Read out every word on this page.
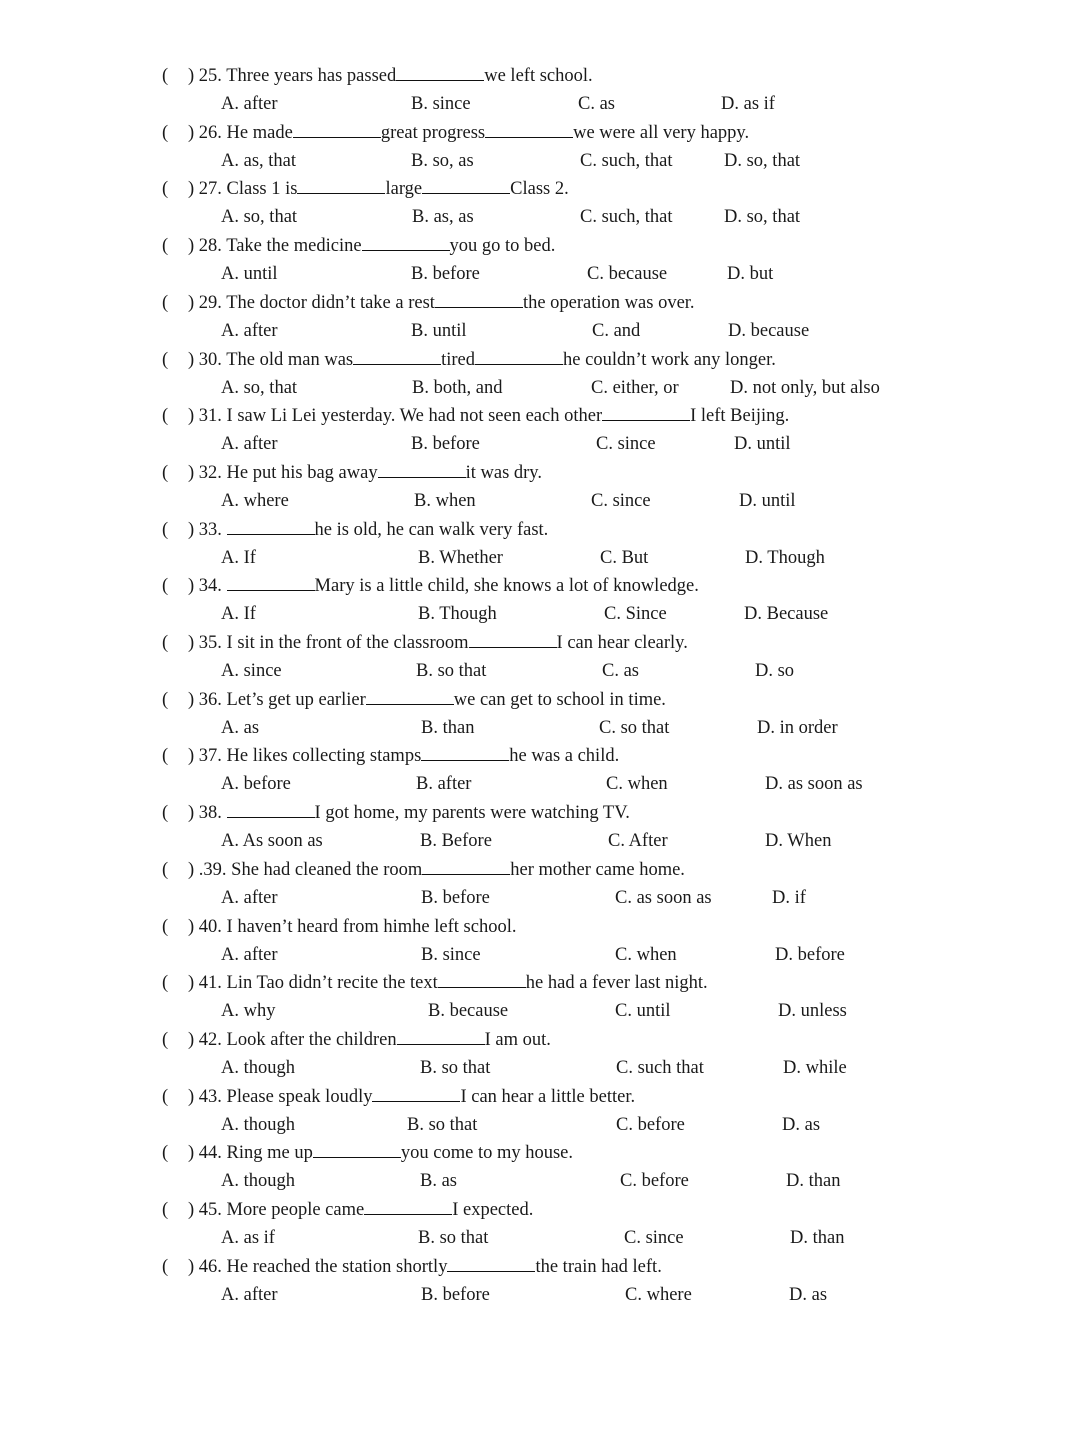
( ) 25. Three years has passed	we left school.
A. after	B. since	C. as	D. as if
( ) 26. He made	great progress	we were all very happy.
A. as, that	B. so, as	C. such, that	D. so, that
( ) 27. Class 1 is	large	Class 2.
A. so, that	B. as, as	C. such, that	D. so, that
( ) 28. Take the medicine	you go to bed.
A. until	B. before	C. because	D. but
( ) 29. The doctor didn’t take a rest	the operation was over.
A. after	B. until	C. and	D. because
( ) 30. The old man was	tired	he couldn’t work any longer.
A. so, that	B. both, and	C. either, or	D. not only, but also
( ) 31. I saw Li Lei yesterday. We had not seen each other	I left Beijing.
A. after	B. before	C. since	D. until
( ) 32. He put his bag away	it was dry.
A. where	B. when	C. since	D. until
( ) 33.	he is old, he can walk very fast.
A. If	B. Whether	C. But	D. Though
( ) 34.	Mary is a little child, she knows a lot of knowledge.
A. If	B. Though	C. Since	D. Because
( ) 35. I sit in the front of the classroom	I can hear clearly.
A. since	B. so that	C. as	D. so
( ) 36. Let’s get up earlier	we can get to school in time.
A. as	B. than	C. so that	D. in order
( ) 37. He likes collecting stamps	he was a child.
A. before	B. after	C. when	D. as soon as
( ) 38.	I got home, my parents were watching TV.
A. As soon as	B. Before	C. After	D. When
( ) .39. She had cleaned the room	her mother came home.
A. after	B. before	C. as soon as	D. if
( ) 40. I haven’t heard from himhe left school.
A. after	B. since	C. when	D. before
( ) 41. Lin Tao didn’t recite the text	he had a fever last night.
A. why	B. because	C. until	D. unless
( ) 42. Look after the children	I am out.
A. though	B. so that	C. such that	D. while
( ) 43. Please speak loudly	I can hear a little better.
A. though	B. so that	C. before	D. as
( ) 44. Ring me up	you come to my house.
A. though	B. as	C. before	D. than
( ) 45. More people came	I expected.
A. as if	B. so that	C. since	D. than
( ) 46. He reached the station shortly	the train had left.
A. after	B. before	C. where	D. as
